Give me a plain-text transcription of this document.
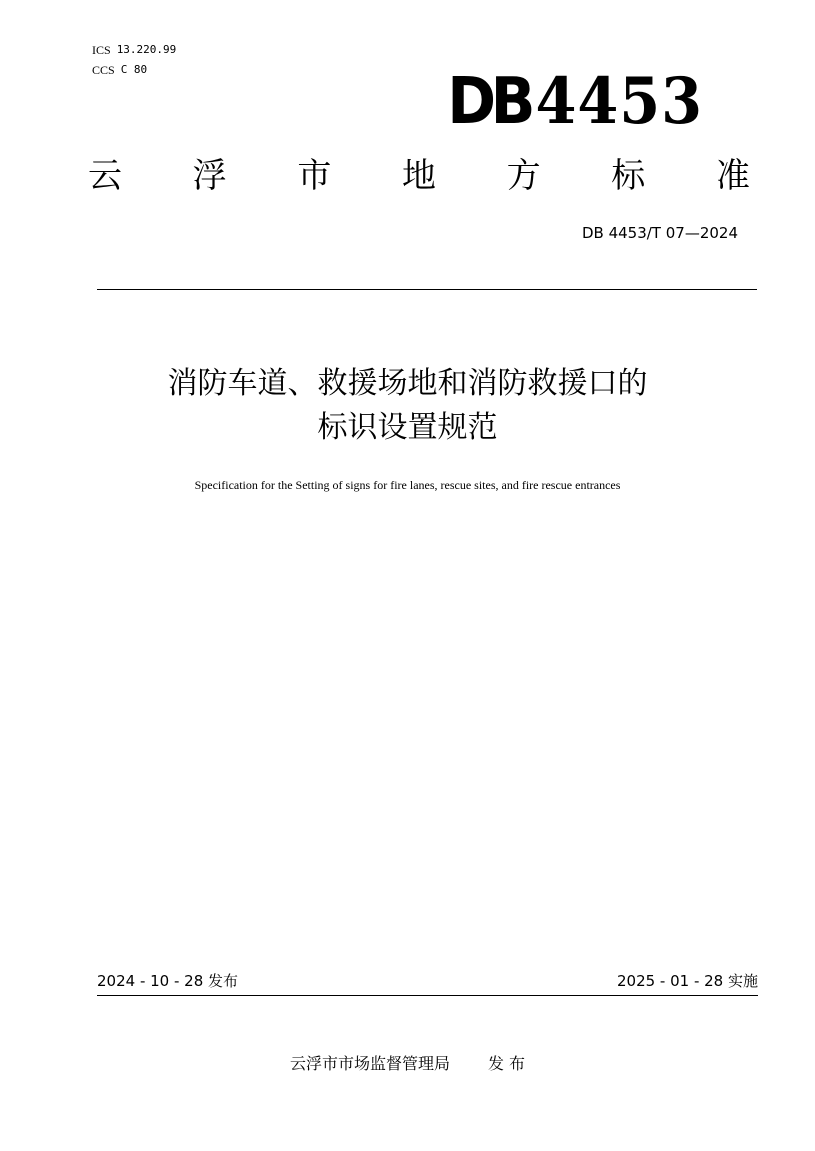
ICS 13.220.99
CCS C 80	DB4453
云 浮 市 地 方 标 准
DB 4453/T 07—2024
消防车道、救援场地和消防救援口的
标识设置规范
Specification for the Setting of signs for fire lanes, rescue sites, and fire rescue entrances
2024 - 10 - 28 发布	2025 - 01 - 28 实施
云浮市市场监督管理局 发 布
